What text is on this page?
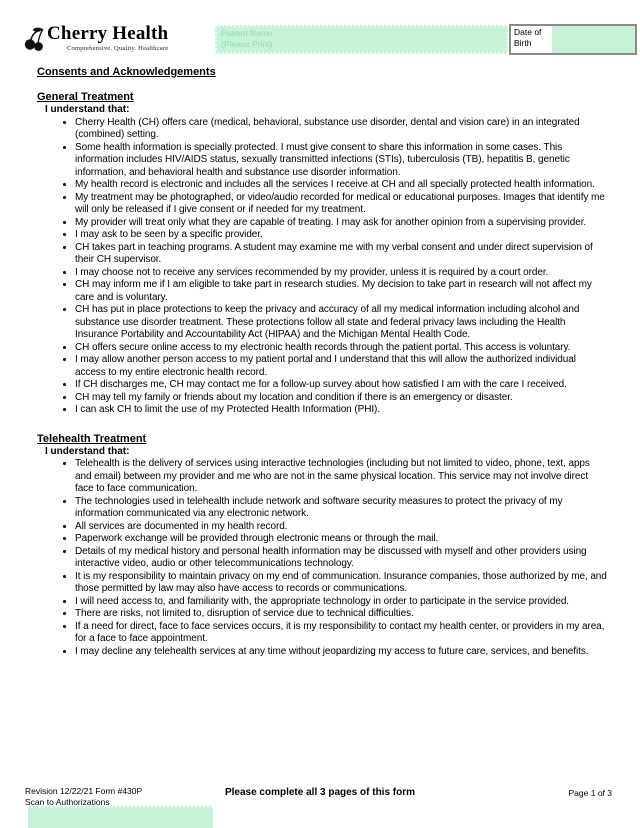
Cherry Health
Comprehensive. Quality. Healthcare
Patient Name
(Please Print)
Date of
Birth
Consents and Acknowledgements
General Treatment
I understand that:
• Cherry Health (CH) offers care (medical, behavioral, substance use disorder, dental and vision care) in an integrated (combined) setting.
• Some health information is specially protected. I must give consent to share this information in some cases. This information includes HIV/AIDS status, sexually transmitted infections (STIs), tuberculosis (TB), hepatitis B, genetic information, and behavioral health and substance use disorder information.
• My health record is electronic and includes all the services I receive at CH and all specially protected health information.
• My treatment may be photographed, or video/audio recorded for medical or educational purposes. Images that identify me will only be released if I give consent or if needed for my treatment.
• My provider will treat only what they are capable of treating. I may ask for another opinion from a supervising provider.
• I may ask to be seen by a specific provider.
• CH takes part in teaching programs. A student may examine me with my verbal consent and under direct supervision of their CH supervisor.
• I may choose not to receive any services recommended by my provider, unless it is required by a court order.
• CH may inform me if I am eligible to take part in research studies. My decision to take part in research will not affect my care and is voluntary.
• CH has put in place protections to keep the privacy and accuracy of all my medical information including alcohol and substance use disorder treatment. These protections follow all state and federal privacy laws including the Health Insurance Portability and Accountability Act (HIPAA) and the Michigan Mental Health Code.
• CH offers secure online access to my electronic health records through the patient portal. This access is voluntary.
• I may allow another person access to my patient portal and I understand that this will allow the authorized individual access to my entire electronic health record.
• If CH discharges me, CH may contact me for a follow-up survey about how satisfied I am with the care I received.
• CH may tell my family or friends about my location and condition if there is an emergency or disaster.
• I can ask CH to limit the use of my Protected Health Information (PHI).
Telehealth Treatment
I understand that:
• Telehealth is the delivery of services using interactive technologies (including but not limited to video, phone, text, apps and email) between my provider and me who are not in the same physical location. This service may not involve direct face to face communication.
• The technologies used in telehealth include network and software security measures to protect the privacy of my information communicated via any electronic network.
• All services are documented in my health record.
• Paperwork exchange will be provided through electronic means or through the mail.
• Details of my medical history and personal health information may be discussed with myself and other providers using interactive video, audio or other telecommunications technology.
• It is my responsibility to maintain privacy on my end of communication. Insurance companies, those authorized by me, and those permitted by law may also have access to records or communications.
• I will need access to, and familiarity with, the appropriate technology in order to participate in the service provided.
• There are risks, not limited to, disruption of service due to technical difficulties.
• If a need for direct, face to face services occurs, it is my responsibility to contact my health center, or providers in my area, for a face to face appointment.
• I may decline any telehealth services at any time without jeopardizing my access to future care, services, and benefits.
Revision 12/22/21 Form #430P
Scan to Authorizations
Please complete all 3 pages of this form	Page 1 of 3
